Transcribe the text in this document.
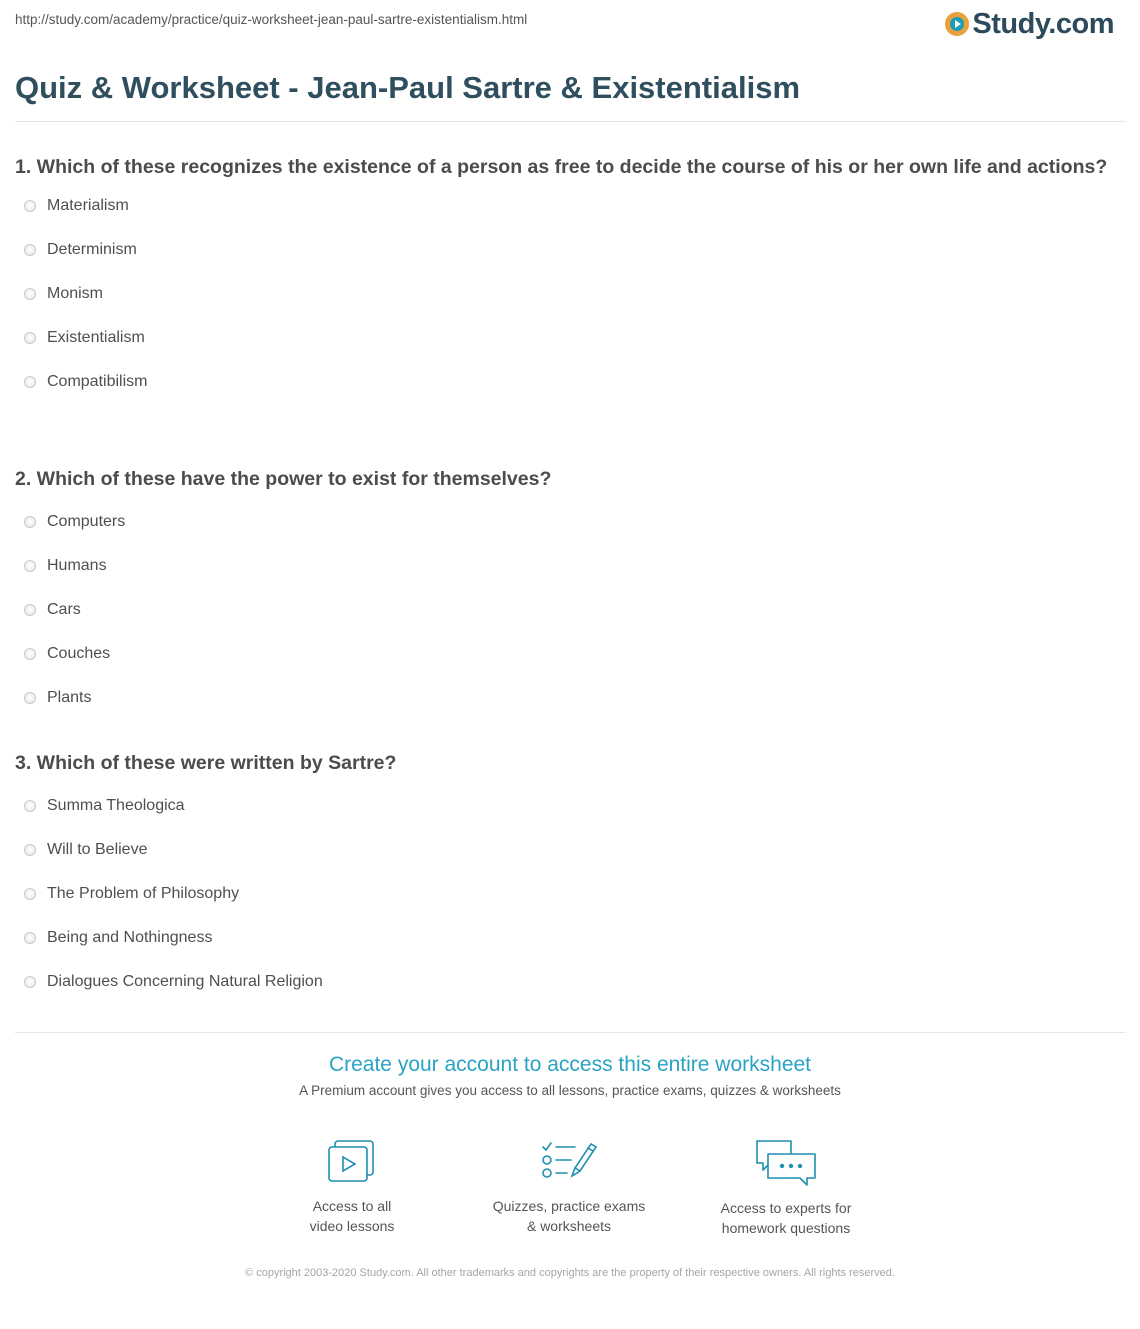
http://study.com/academy/practice/quiz-worksheet-jean-paul-sartre-existentialism.html	Study.com
Quiz & Worksheet - Jean-Paul Sartre & Existentialism
1. Which of these recognizes the existence of a person as free to decide the course of his or her own life and actions?
Materialism
Determinism
Monism
Existentialism
Compatibilism
2. Which of these have the power to exist for themselves?
Computers
Humans
Cars
Couches
Plants
3. Which of these were written by Sartre?
Summa Theologica
Will to Believe
The Problem of Philosophy
Being and Nothingness
Dialogues Concerning Natural Religion
Create your account to access this entire worksheet
A Premium account gives you access to all lessons, practice exams, quizzes & worksheets
Access to all
video lessons
Quizzes, practice exams
& worksheets
Access to experts for
homework questions
© copyright 2003-2020 Study.com. All other trademarks and copyrights are the property of their respective owners. All rights reserved.
